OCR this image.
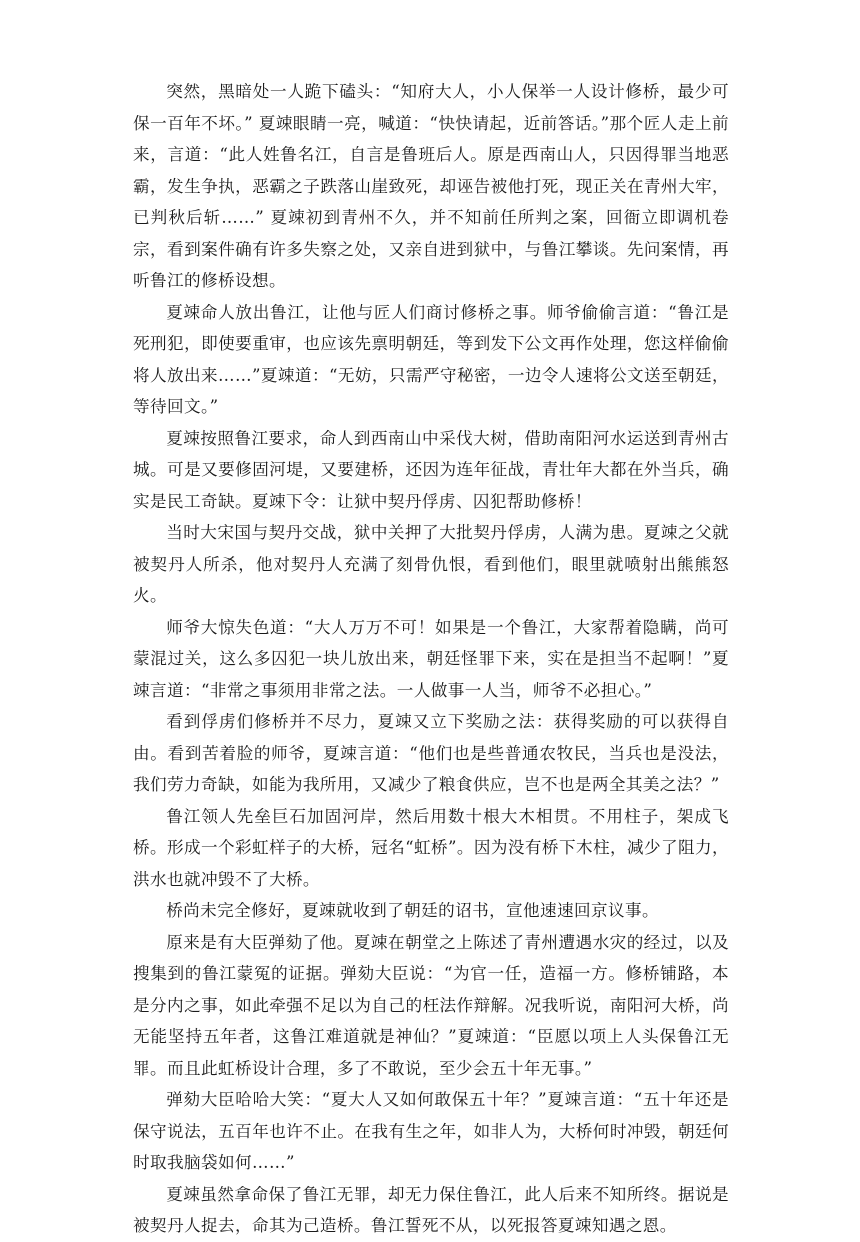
突然，黑暗处一人跪下磕头：“知府大人，小人保举一人设计修桥，最少可保一百年不坏。” 夏竦眼睛一亮，喊道：“快快请起，近前答话。”那个匠人走上前来，言道：“此人姓鲁名江，自言是鲁班后人。原是西南山人，只因得罪当地恶霸，发生争执，恶霸之子跌落山崖致死，却诬告被他打死，现正关在青州大牢，已判秋后斩……” 夏竦初到青州不久，并不知前任所判之案，回衙立即调机卷宗，看到案件确有许多失察之处，又亲自进到狱中，与鲁江攀谈。先问案情，再听鲁江的修桥设想。

夏竦命人放出鲁江，让他与匠人们商讨修桥之事。师爷偷偷言道：“鲁江是死刑犯，即使要重审，也应该先禀明朝廷，等到发下公文再作处理，您这样偷偷将人放出来……”夏竦道：“无妨，只需严守秘密，一边令人速将公文送至朝廷，等待回文。”

夏竦按照鲁江要求，命人到西南山中采伐大树，借助南阳河水运送到青州古城。可是又要修固河堤，又要建桥，还因为连年征战，青壮年大都在外当兵，确实是民工奇缺。夏竦下令：让狱中契丹俘虏、囚犯帮助修桥！

当时大宋国与契丹交战，狱中关押了大批契丹俘虏，人满为患。夏竦之父就被契丹人所杀，他对契丹人充满了刻骨仇恨，看到他们，眼里就喷射出熊熊怒火。

师爷大惊失色道：“大人万万不可！如果是一个鲁江，大家帮着隐瞒，尚可蒙混过关，这么多囚犯一块儿放出来，朝廷怪罪下来，实在是担当不起啊！”夏竦言道：“非常之事须用非常之法。一人做事一人当，师爷不必担心。”

看到俘虏们修桥并不尽力，夏竦又立下奖励之法：获得奖励的可以获得自由。看到苦着脸的师爷，夏竦言道：“他们也是些普通农牧民，当兵也是没法，我们劳力奇缺，如能为我所用，又减少了粮食供应，岂不也是两全其美之法？”

鲁江领人先垒巨石加固河岸，然后用数十根大木相贯。不用柱子，架成飞桥。形成一个彩虹样子的大桥，冠名“虹桥”。因为没有桥下木柱，减少了阻力，洪水也就冲毁不了大桥。

桥尚未完全修好，夏竦就收到了朝廷的诏书，宣他速速回京议事。

原来是有大臣弹劾了他。夏竦在朝堂之上陈述了青州遭遇水灾的经过，以及搜集到的鲁江蒙冤的证据。弹劾大臣说：“为官一任，造福一方。修桥铺路，本是分内之事，如此牵强不足以为自己的枉法作辩解。况我听说，南阳河大桥，尚无能坚持五年者，这鲁江难道就是神仙？”夏竦道：“臣愿以项上人头保鲁江无罪。而且此虹桥设计合理，多了不敢说，至少会五十年无事。”

弹劾大臣哈哈大笑：“夏大人又如何敢保五十年？”夏竦言道：“五十年还是保守说法，五百年也许不止。在我有生之年，如非人为，大桥何时冲毁，朝廷何时取我脑袋如何……”

夏竦虽然拿命保了鲁江无罪，却无力保住鲁江，此人后来不知所终。据说是被契丹人捉去，命其为己造桥。鲁江誓死不从，以死报答夏竦知遇之恩。
